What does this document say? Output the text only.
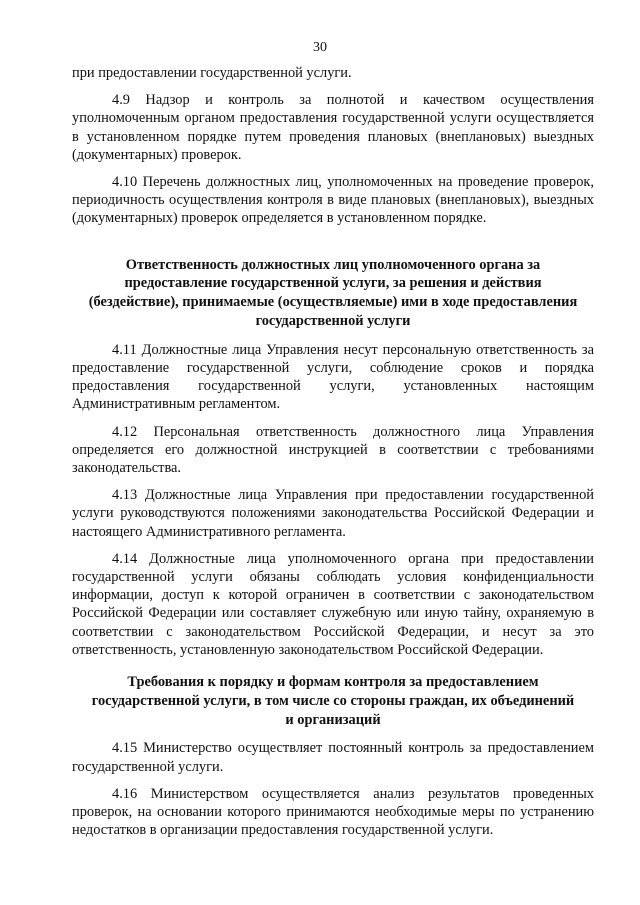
30

при предоставлении государственной услуги.

4.9 Надзор и контроль за полнотой и качеством осуществления уполномоченным органом предоставления государственной услуги осуществляется в установленном порядке путем проведения плановых (внеплановых) выездных (документарных) проверок.

4.10 Перечень должностных лиц, уполномоченных на проведение проверок, периодичность осуществления контроля в виде плановых (внеплановых), выездных (документарных) проверок определяется в установленном порядке.

Ответственность должностных лиц уполномоченного органа за
предоставление государственной услуги, за решения и действия
(бездействие), принимаемые (осуществляемые) ими в ходе предоставления
государственной услуги

4.11 Должностные лица Управления несут персональную ответственность за предоставление государственной услуги, соблюдение сроков и порядка предоставления государственной услуги, установленных настоящим Административным регламентом.

4.12 Персональная ответственность должностного лица Управления определяется его должностной инструкцией в соответствии с требованиями законодательства.

4.13 Должностные лица Управления при предоставлении государственной услуги руководствуются положениями законодательства Российской Федерации и настоящего Административного регламента.

4.14 Должностные лица уполномоченного органа при предоставлении государственной услуги обязаны соблюдать условия конфиденциальности информации, доступ к которой ограничен в соответствии с законодательством Российской Федерации или составляет служебную или иную тайну, охраняемую в соответствии с законодательством Российской Федерации, и несут за это ответственность, установленную законодательством Российской Федерации.

Требования к порядку и формам контроля за предоставлением
государственной услуги, в том числе со стороны граждан, их объединений
и организаций

4.15 Министерство осуществляет постоянный контроль за предоставлением государственной услуги.

4.16 Министерством осуществляется анализ результатов проведенных проверок, на основании которого принимаются необходимые меры по устранению недостатков в организации предоставления государственной услуги.
